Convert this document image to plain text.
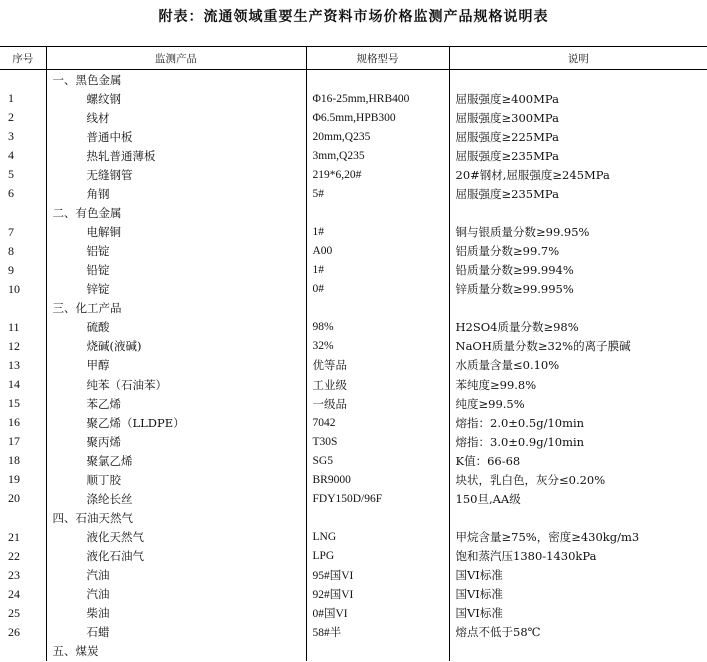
附表：流通领域重要生产资料市场价格监测产品规格说明表
序号	监测产品	规格型号	说明
	一、黑色金属		
1	螺纹钢	Φ16-25mm,HRB400	屈服强度≥400MPa
2	线材	Φ6.5mm,HPB300	屈服强度≥300MPa
3	普通中板	20mm,Q235	屈服强度≥225MPa
4	热轧普通薄板	3mm,Q235	屈服强度≥235MPa
5	无缝钢管	219*6,20#	20#钢材,屈服强度≥245MPa
6	角钢	5#	屈服强度≥235MPa
	二、有色金属		
7	电解铜	1#	铜与银质量分数≥99.95%
8	铝锭	A00	铝质量分数≥99.7%
9	铅锭	1#	铅质量分数≥99.994%
10	锌锭	0#	锌质量分数≥99.995%
	三、化工产品		
11	硫酸	98%	H2SO4质量分数≥98%
12	烧碱(液碱)	32%	NaOH质量分数≥32%的离子膜碱
13	甲醇	优等品	水质量含量≤0.10%
14	纯苯（石油苯）	工业级	苯纯度≥99.8%
15	苯乙烯	一级品	纯度≥99.5%
16	聚乙烯（LLDPE）	7042	熔指：2.0±0.5g/10min
17	聚丙烯	T30S	熔指：3.0±0.9g/10min
18	聚氯乙烯	SG5	K值：66-68
19	顺丁胶	BR9000	块状，乳白色，灰分≤0.20%
20	涤纶长丝	FDY150D/96F	150旦,AA级
	四、石油天然气		
21	液化天然气	LNG	甲烷含量≥75%，密度≥430kg/m3
22	液化石油气	LPG	饱和蒸汽压1380-1430kPa
23	汽油	95#国VI	国VI标准
24	汽油	92#国VI	国VI标准
25	柴油	0#国VI	国VI标准
26	石蜡	58#半	熔点不低于58℃
	五、煤炭		
